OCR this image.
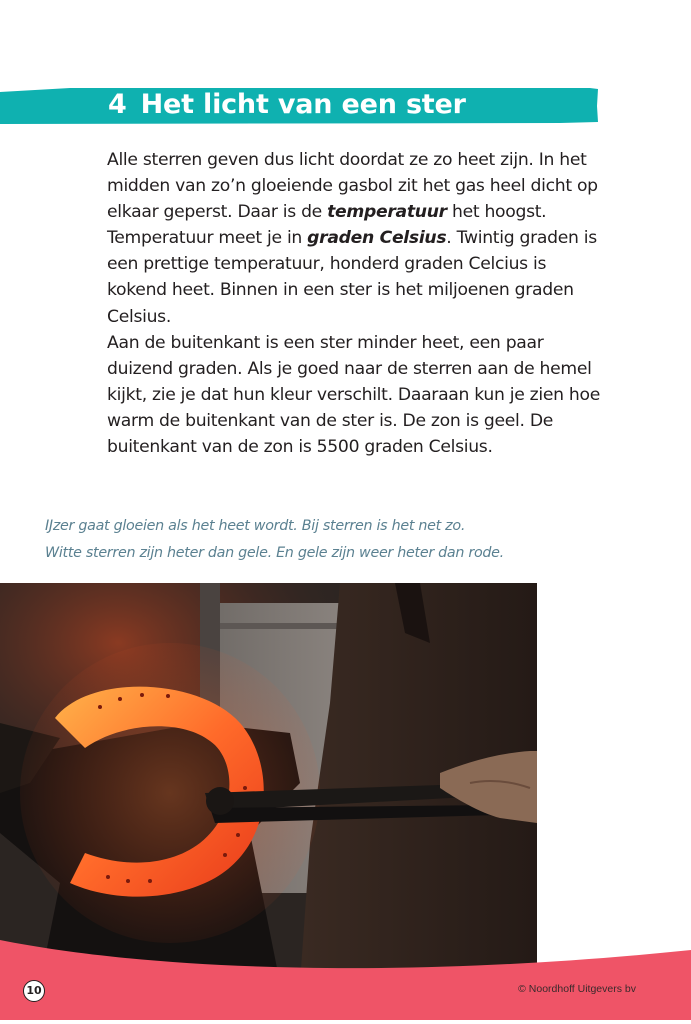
4 Het licht van een ster

Alle sterren geven dus licht doordat ze zo heet zijn. In het midden van zo’n gloeiende gasbol zit het gas heel dicht op elkaar geperst. Daar is de temperatuur het hoogst. Temperatuur meet je in graden Celsius. Twintig graden is een prettige temperatuur, honderd graden Celcius is kokend heet. Binnen in een ster is het miljoenen graden Celsius.

Aan de buitenkant is een ster minder heet, een paar duizend graden. Als je goed naar de sterren aan de hemel kijkt, zie je dat hun kleur verschilt. Daaraan kun je zien hoe warm de buitenkant van de ster is. De zon is geel. De buitenkant van de zon is 5500 graden Celsius.

IJzer gaat gloeien als het heet wordt. Bij sterren is het net zo.
Witte sterren zijn heter dan gele. En gele zijn weer heter dan rode.
10	© Noordhoff Uitgevers bv
